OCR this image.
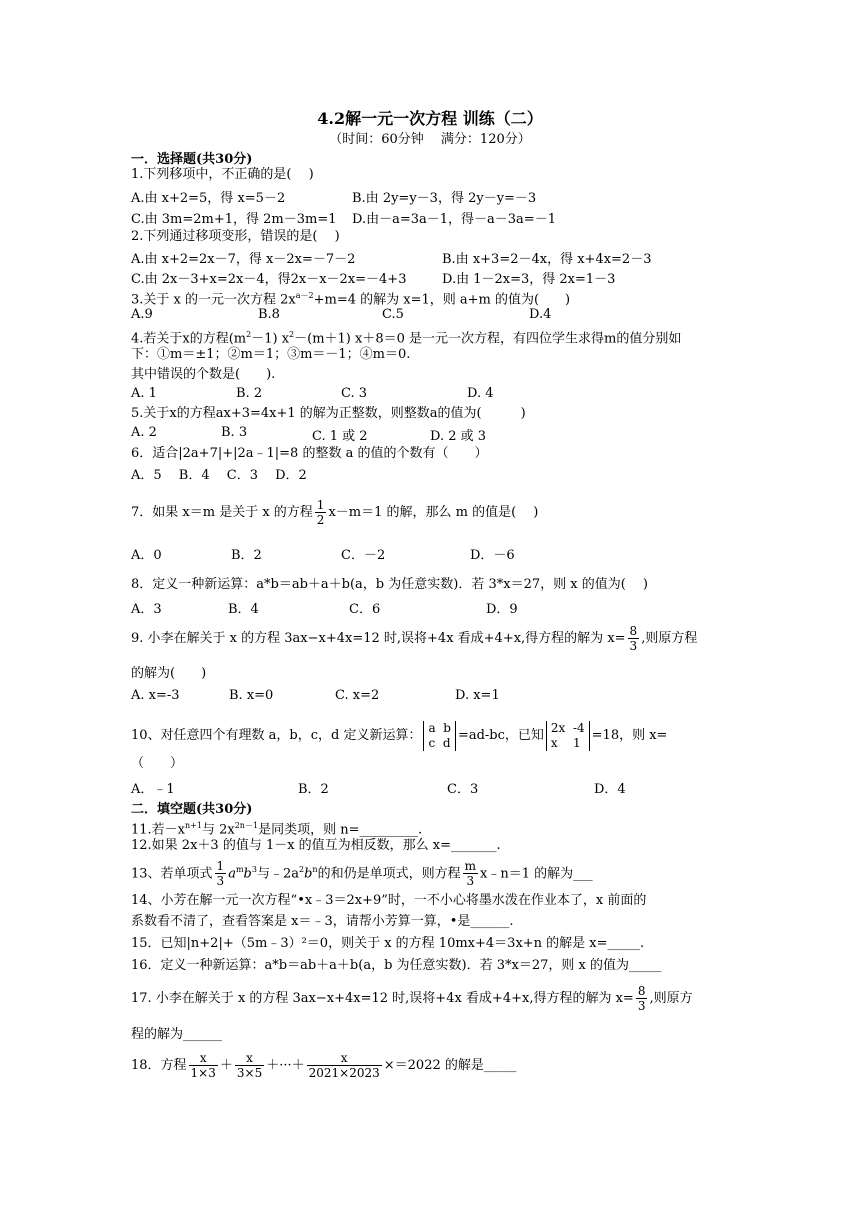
4.2解一元一次方程 训练（二）
（时间：60分钟　 满分：120分）
一．选择题(共30分)
1.下列移项中，不正确的是(　 )
A.由 x+2=5，得 x=5－2	B.由 2y=y－3，得 2y－y=－3
C.由 3m=2m+1，得 2m－3m=1 D.由－a=3a－1，得－a－3a=－1
2.下列通过移项变形，错误的是(　 )
A.由 x+2=2x－7，得 x－2x=－7－2	B.由 x+3=2－4x，得 x+4x=2－3
C.由 2x－3+x=2x－4，得2x－x－2x=－4+3	D.由 1－2x=3，得 2x=1－3
3.关于 x 的一元一次方程 $2x^{a-2}+m=4$ 的解为 x=1，则 a+m 的值为(　　)
A.9	B.8	C.5	D.4
4.若关于x的方程$(m^2-1)$ $x^2-(m+1)$ x＋8＝0 是一元一次方程，有四位学生求得m的值分别如
下：①m＝±1；②m＝1；③m＝－1；④m＝0.
其中错误的个数是(　　).
A. 1	B. 2	C. 3	D. 4
5.关于x的方程ax+3=4x+1 的解为正整数，则整数a的值为(　　　)
A. 2	B. 3	C. 1 或 2	D. 2 或 3
6．适合|2a+7|+|2a﹣1|=8 的整数 a 的值的个数有（　　）
A．5　 B．4　 C．3　 D．2
7．如果 x＝m 是关于 x 的方程 $\frac{1}{2} x-m=1$ 的解，那么 m 的值是(　 )
A．0	B．2	C．－2	D．－6
8．定义一种新运算：a*b＝ab＋a＋b(a，b 为任意实数)．若 3*x＝27，则 x 的值为(　 )
A．3	B．4	C．6	D．9
9. 小李在解关于 x 的方程 3ax−x+4x=12 时,误将+4x 看成+4+x,得方程的解为 $x= \frac{8}{3}$ ,则原方程
的解为(　　)
A. x=-3	B. x=0	C. x=2	D. x=1
10、对任意四个有理数 a，b，c，d 定义新运算：
a  b
c  d =ad-bc，已知
2x  -4
x    1 =18，则 x=
（　　）
A．﹣1	B．2	C．3	D．4
二．填空题(共30分)
11.若$-x^{n+1}$与 $2x^{2n-1}$是同类项，则 n=_________.
12.如果 2x＋3 的值与 1－x 的值互为相反数，那么 x=_______.
13、若单项式 $\frac{1}{3} a^mb^3$与$﹣2a^2b^n$的和仍是单项式，则方程 $\frac{m}{3}$ x﹣n＝1 的解为___
14、小芳在解一元一次方程“•x﹣3＝2x+9”时，一不小心将墨水泼在作业本了，x 前面的
系数看不清了，查看答案是 x＝﹣3，请帮小芳算一算，•是______.
15．已知|n+2|+（5m﹣3）²＝0，则关于 x 的方程 10mx+4＝3x+n 的解是 x=_____.
16．定义一种新运算：a*b＝ab＋a＋b(a，b 为任意实数)．若 3*x＝27，则 x 的值为_____
17. 小李在解关于 x 的方程 3ax−x+4x=12 时,误将+4x 看成+4+x,得方程的解为 $x= \frac{8}{3}$ ,则原方
程的解为______
18．方程 $\frac{x}{1\times 3} + \frac{x}{3\times 5}$ ＋···＋ $\frac{x}{2021\times 2023} \times=2022$ 的解是_____
